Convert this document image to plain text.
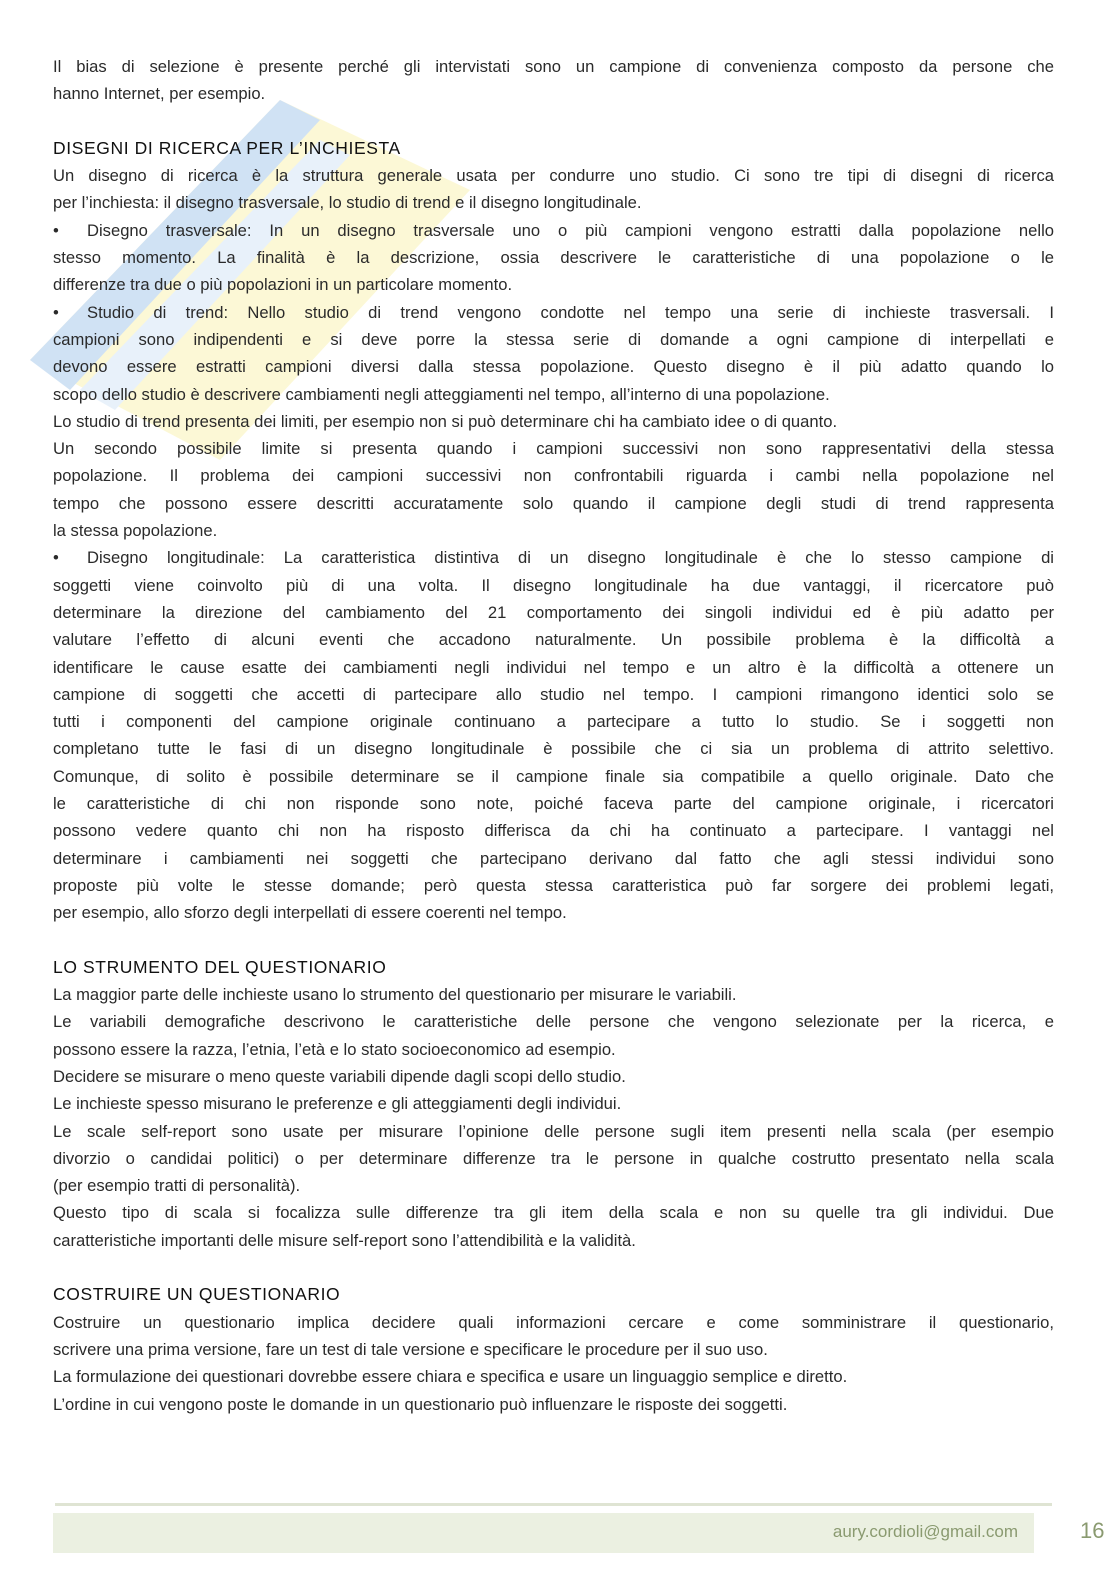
Il bias di selezione è presente perché gli intervistati sono un campione di convenienza composto da persone che
hanno Internet, per esempio.
DISEGNI DI RICERCA PER L’INCHIESTA
Un disegno di ricerca è la struttura generale usata per condurre uno studio. Ci sono tre tipi di disegni di ricerca
per l’inchiesta: il disegno trasversale, lo studio di trend e il disegno longitudinale.
• Disegno trasversale: In un disegno trasversale uno o più campioni vengono estratti dalla popolazione nello
stesso momento. La finalità è la descrizione, ossia descrivere le caratteristiche di una popolazione o le
differenze tra due o più popolazioni in un particolare momento.
• Studio di trend: Nello studio di trend vengono condotte nel tempo una serie di inchieste trasversali. I
campioni sono indipendenti e si deve porre la stessa serie di domande a ogni campione di interpellati e
devono essere estratti campioni diversi dalla stessa popolazione. Questo disegno è il più adatto quando lo
scopo dello studio è descrivere cambiamenti negli atteggiamenti nel tempo, all’interno di una popolazione.
Lo studio di trend presenta dei limiti, per esempio non si può determinare chi ha cambiato idee o di quanto.
Un secondo possibile limite si presenta quando i campioni successivi non sono rappresentativi della stessa
popolazione. Il problema dei campioni successivi non confrontabili riguarda i cambi nella popolazione nel
tempo che possono essere descritti accuratamente solo quando il campione degli studi di trend rappresenta
la stessa popolazione.
• Disegno longitudinale: La caratteristica distintiva di un disegno longitudinale è che lo stesso campione di
soggetti viene coinvolto più di una volta. Il disegno longitudinale ha due vantaggi, il ricercatore può
determinare la direzione del cambiamento del 21 comportamento dei singoli individui ed è più adatto per
valutare l’effetto di alcuni eventi che accadono naturalmente. Un possibile problema è la difficoltà a
identificare le cause esatte dei cambiamenti negli individui nel tempo e un altro è la difficoltà a ottenere un
campione di soggetti che accetti di partecipare allo studio nel tempo. I campioni rimangono identici solo se
tutti i componenti del campione originale continuano a partecipare a tutto lo studio. Se i soggetti non
completano tutte le fasi di un disegno longitudinale è possibile che ci sia un problema di attrito selettivo.
Comunque, di solito è possibile determinare se il campione finale sia compatibile a quello originale. Dato che
le caratteristiche di chi non risponde sono note, poiché faceva parte del campione originale, i ricercatori
possono vedere quanto chi non ha risposto differisca da chi ha continuato a partecipare. I vantaggi nel
determinare i cambiamenti nei soggetti che partecipano derivano dal fatto che agli stessi individui sono
proposte più volte le stesse domande; però questa stessa caratteristica può far sorgere dei problemi legati,
per esempio, allo sforzo degli interpellati di essere coerenti nel tempo.
LO STRUMENTO DEL QUESTIONARIO
La maggior parte delle inchieste usano lo strumento del questionario per misurare le variabili.
Le variabili demografiche descrivono le caratteristiche delle persone che vengono selezionate per la ricerca, e
possono essere la razza, l’etnia, l’età e lo stato socioeconomico ad esempio.
Decidere se misurare o meno queste variabili dipende dagli scopi dello studio.
Le inchieste spesso misurano le preferenze e gli atteggiamenti degli individui.
Le scale self-report sono usate per misurare l’opinione delle persone sugli item presenti nella scala (per esempio
divorzio o candidai politici) o per determinare differenze tra le persone in qualche costrutto presentato nella scala
(per esempio tratti di personalità).
Questo tipo di scala si focalizza sulle differenze tra gli item della scala e non su quelle tra gli individui. Due
caratteristiche importanti delle misure self-report sono l’attendibilità e la validità.
COSTRUIRE UN QUESTIONARIO
Costruire un questionario implica decidere quali informazioni cercare e come somministrare il questionario,
scrivere una prima versione, fare un test di tale versione e specificare le procedure per il suo uso.
La formulazione dei questionari dovrebbe essere chiara e specifica e usare un linguaggio semplice e diretto.
L’ordine in cui vengono poste le domande in un questionario può influenzare le risposte dei soggetti.
aury.cordioli@gmail.com	16
